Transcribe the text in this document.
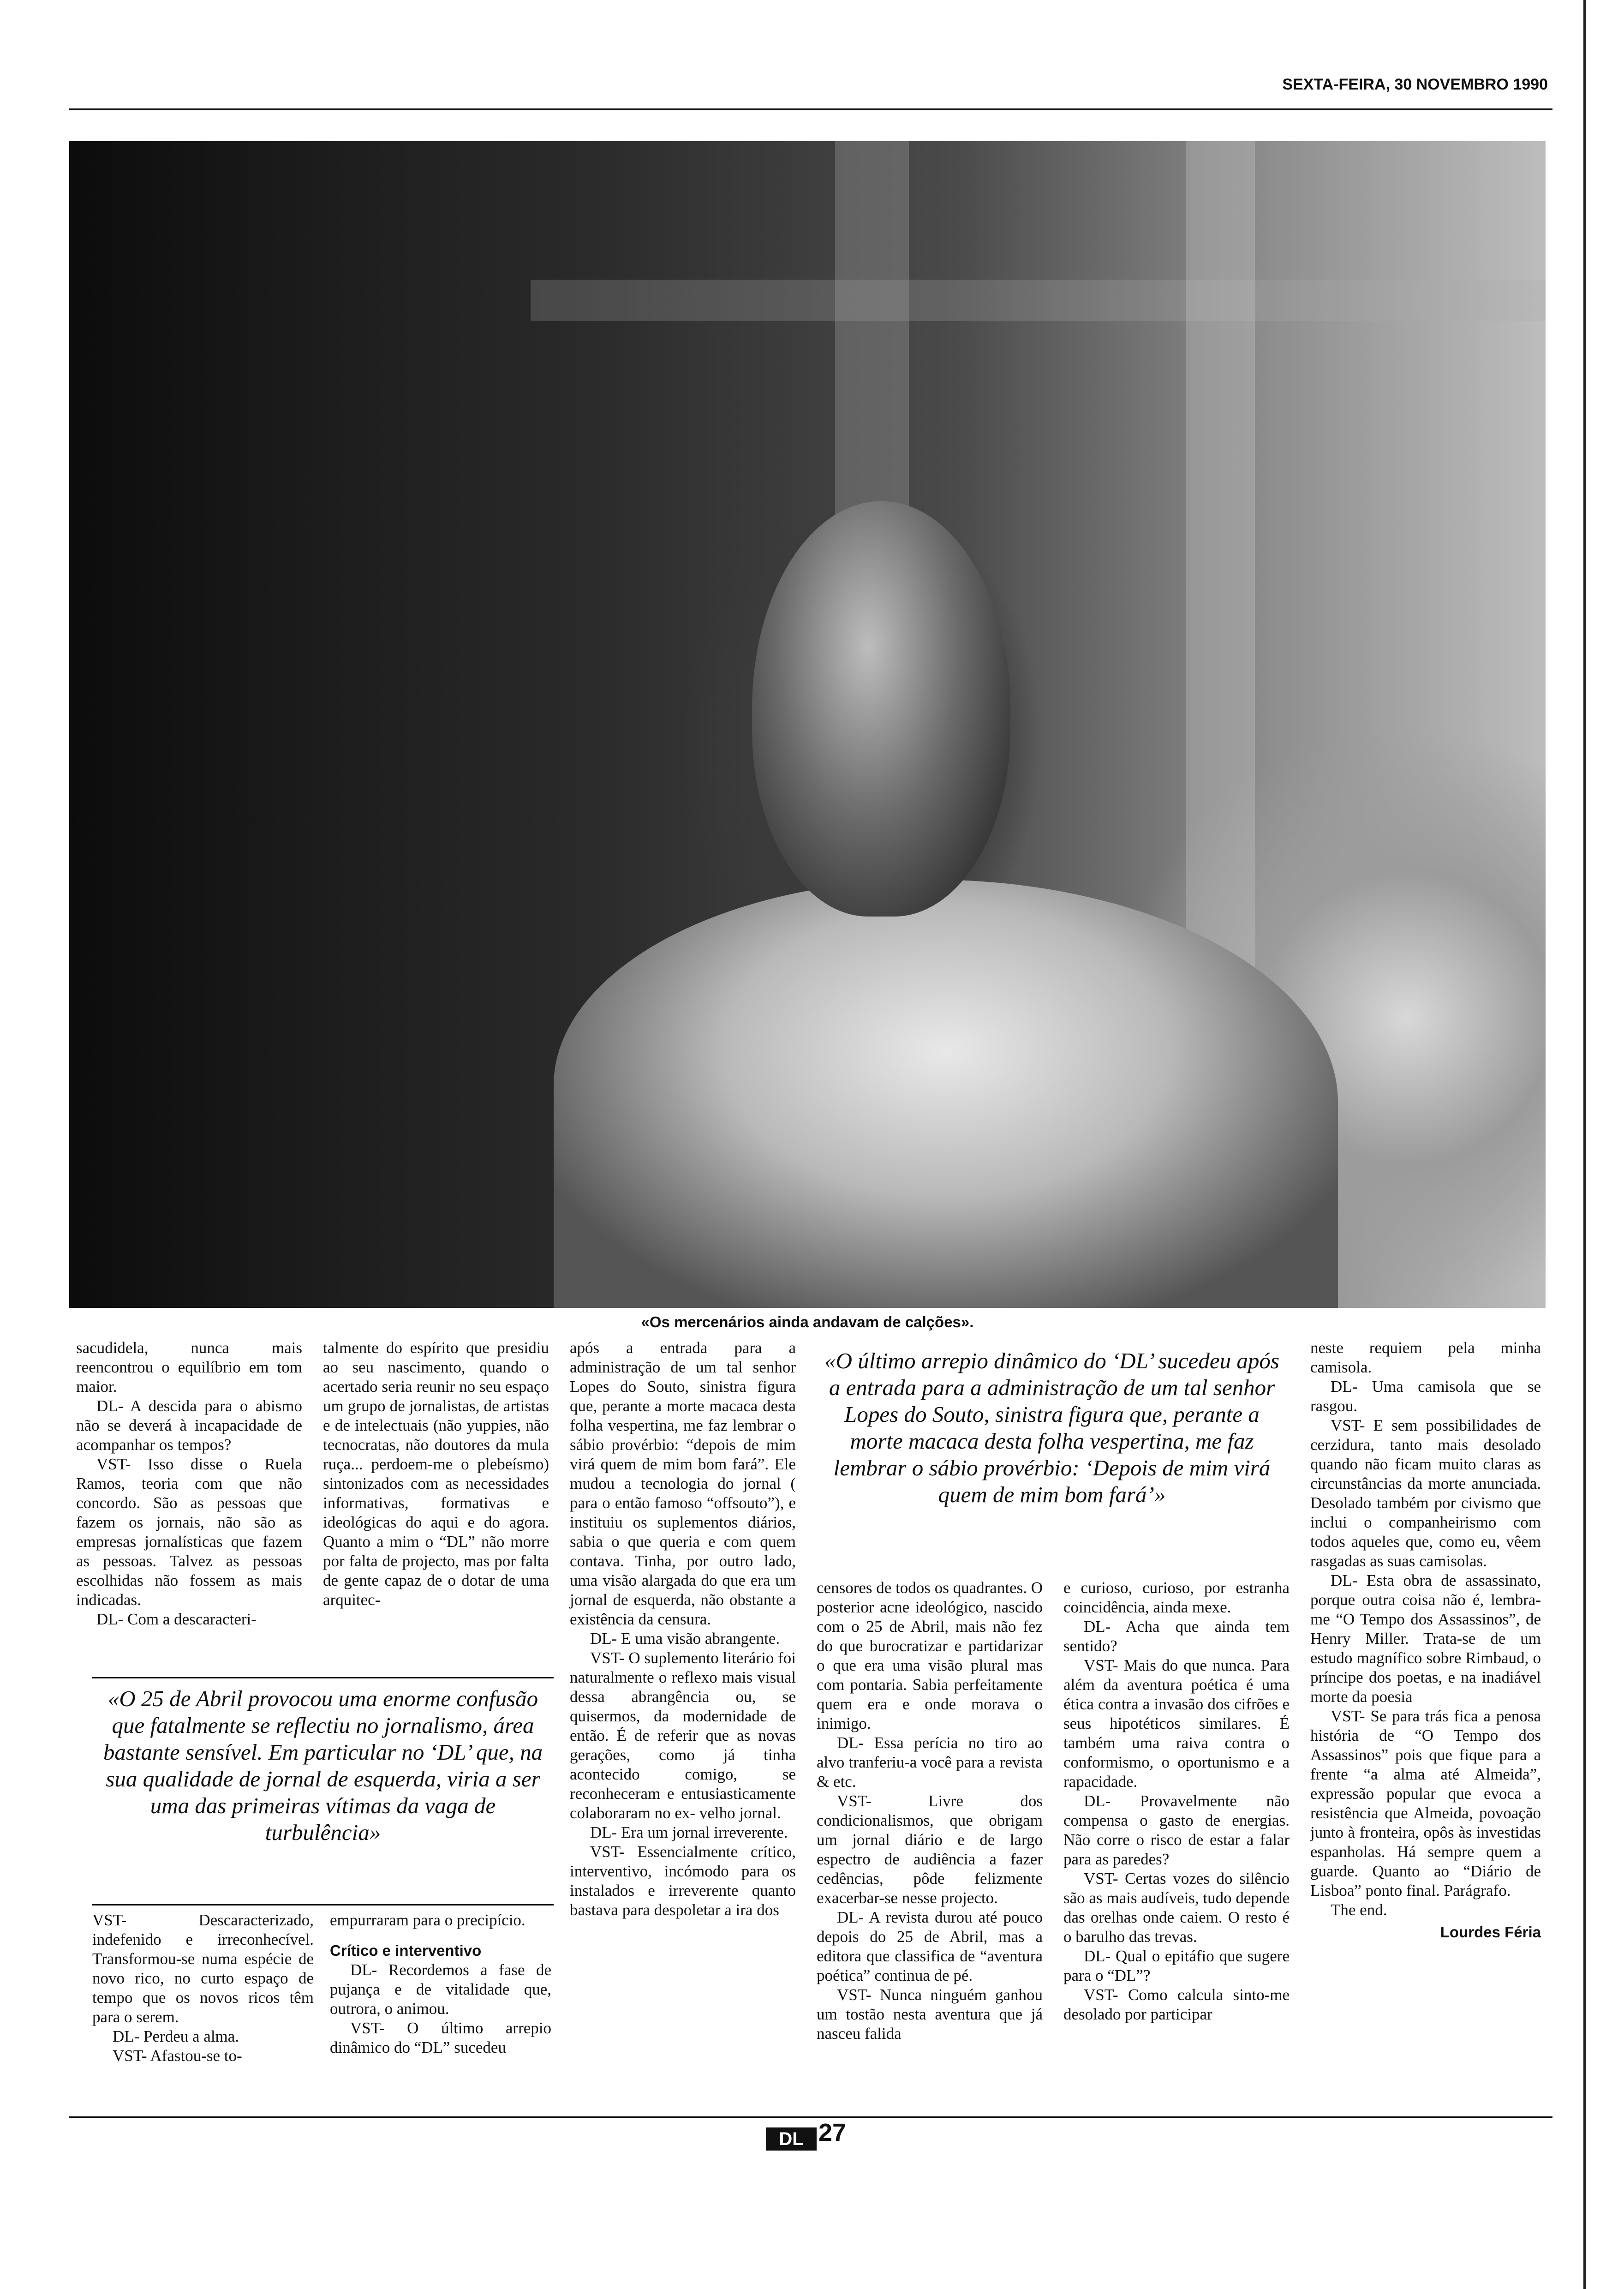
SEXTA-FEIRA, 30 NOVEMBRO 1990
«Os mercenários ainda andavam de calções».

sacudidela, nunca mais reencontrou o equilíbrio em tom maior.

DL- A descida para o abismo não se deverá à incapacidade de acompanhar os tempos?

VST- Isso disse o Ruela Ramos, teoria com que não concordo. São as pessoas que fazem os jornais, não são as empresas jornalísticas que fazem as pessoas. Talvez as pessoas escolhidas não fossem as mais indicadas.

DL- Com a descaracteri-

talmente do espírito que presidiu ao seu nascimento, quando o acertado seria reunir no seu espaço um grupo de jornalistas, de artistas e de intelectuais (não yuppies, não tecnocratas, não doutores da mula ruça... perdoem-me o plebeísmo) sintonizados com as necessidades informativas, formativas e ideológicas do aqui e do agora. Quanto a mim o “DL” não morre por falta de projecto, mas por falta de gente capaz de o dotar de uma arquitec-

após a entrada para a administração de um tal senhor Lopes do Souto, sinistra figura que, perante a morte macaca desta folha vespertina, me faz lembrar o sábio provérbio: “depois de mim virá quem de mim bom fará”. Ele mudou a tecnologia do jornal ( para o então famoso “offsouto”), e instituiu os suplementos diários, sabia o que queria e com quem contava. Tinha, por outro lado, uma visão alargada do que era um jornal de esquerda, não obstante a existência da censura.

DL- E uma visão abrangente.

VST- O suplemento literário foi naturalmente o reflexo mais visual dessa abrangência ou, se quisermos, da modernidade de então. É de referir que as novas gerações, como já tinha acontecido comigo, se reconheceram e entusiasticamente colaboraram no ex- velho jornal.

DL- Era um jornal irreverente.

VST- Essencialmente crítico, interventivo, incómodo para os instalados e irreverente quanto bastava para despoletar a ira dos

«O último arrepio dinâmico do ‘DL’ sucedeu após a entrada para a administração de um tal senhor Lopes do Souto, sinistra figura que, perante a morte macaca desta folha vespertina, me faz lembrar o sábio provérbio: ‘Depois de mim virá quem de mim bom fará’»

censores de todos os quadrantes. O posterior acne ideológico, nascido com o 25 de Abril, mais não fez do que burocratizar e partidarizar o que era uma visão plural mas com pontaria. Sabia perfeitamente quem era e onde morava o inimigo.

DL- Essa perícia no tiro ao alvo tranferiu-a você para a revista & etc.

VST- Livre dos condicionalismos, que obrigam um jornal diário e de largo espectro de audiência a fazer cedências, pôde felizmente exacerbar-se nesse projecto.

DL- A revista durou até pouco depois do 25 de Abril, mas a editora que classifica de “aventura poética” continua de pé.

VST- Nunca ninguém ganhou um tostão nesta aventura que já nasceu falida

e curioso, curioso, por estranha coincidência, ainda mexe.

DL- Acha que ainda tem sentido?

VST- Mais do que nunca. Para além da aventura poética é uma ética contra a invasão dos cifrões e seus hipotéticos similares. É também uma raiva contra o conformismo, o oportunismo e a rapacidade.

DL- Provavelmente não compensa o gasto de energias. Não corre o risco de estar a falar para as paredes?

VST- Certas vozes do silêncio são as mais audíveis, tudo depende das orelhas onde caiem. O resto é o barulho das trevas.

DL- Qual o epitáfio que sugere para o “DL”?

VST- Como calcula sinto-me desolado por participar

neste requiem pela minha camisola.

DL- Uma camisola que se rasgou.

VST- E sem possibilidades de cerzidura, tanto mais desolado quando não ficam muito claras as circunstâncias da morte anunciada. Desolado também por civismo que inclui o companheirismo com todos aqueles que, como eu, vêem rasgadas as suas camisolas.

DL- Esta obra de assassinato, porque outra coisa não é, lembra-me “O Tempo dos Assassinos”, de Henry Miller. Trata-se de um estudo magnífico sobre Rimbaud, o príncipe dos poetas, e na inadiável morte da poesia

VST- Se para trás fica a penosa história de “O Tempo dos Assassinos” pois que fique para a frente “a alma até Almeida”, expressão popular que evoca a resistência que Almeida, povoação junto à fronteira, opôs às investidas espanholas. Há sempre quem a guarde. Quanto ao “Diário de Lisboa” ponto final. Parágrafo.

The end.

Lourdes Féria
«O 25 de Abril provocou uma enorme confusão que fatalmente se reflectiu no jornalismo, área bastante sensível. Em particular no ‘DL’ que, na sua qualidade de jornal de esquerda, viria a ser uma das primeiras vítimas da vaga de turbulência»

VST- Descaracterizado, indefenido e irreconhecível. Transformou-se numa espécie de novo rico, no curto espaço de tempo que os novos ricos têm para o serem.

DL- Perdeu a alma.

VST- Afastou-se to-

empurraram para o precipício.

Crítico e interventivo

DL- Recordemos a fase de pujança e de vitalidade que, outrora, o animou.

VST- O último arrepio dinâmico do “DL” sucedeu

DL 27
